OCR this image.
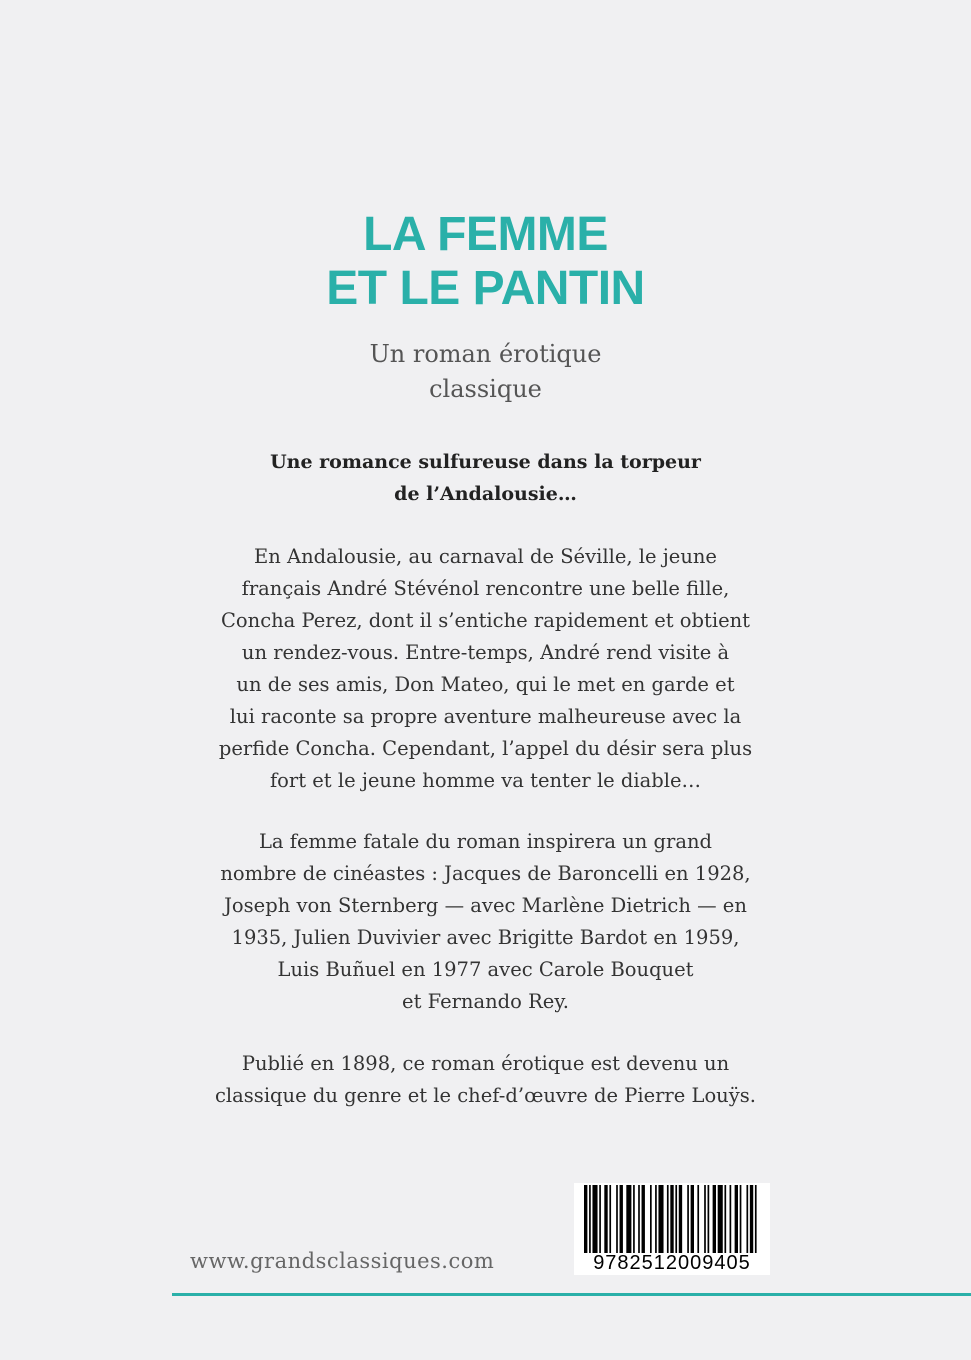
LA FEMME
ET LE PANTIN
Un roman érotique
classique
Une romance sulfureuse dans la torpeur
de l’Andalousie…
En Andalousie, au carnaval de Séville, le jeune
français André Stévénol rencontre une belle fille,
Concha Perez, dont il s’entiche rapidement et obtient
un rendez-vous. Entre-temps, André rend visite à
un de ses amis, Don Mateo, qui le met en garde et
lui raconte sa propre aventure malheureuse avec la
perfide Concha. Cependant, l’appel du désir sera plus
fort et le jeune homme va tenter le diable…
La femme fatale du roman inspirera un grand
nombre de cinéastes : Jacques de Baroncelli en 1928,
Joseph von Sternberg — avec Marlène Dietrich — en
1935, Julien Duvivier avec Brigitte Bardot en 1959,
Luis Buñuel en 1977 avec Carole Bouquet
et Fernando Rey.
Publié en 1898, ce roman érotique est devenu un
classique du genre et le chef-d’œuvre de Pierre Louÿs.
www.grandsclassiques.com	9782512009405
